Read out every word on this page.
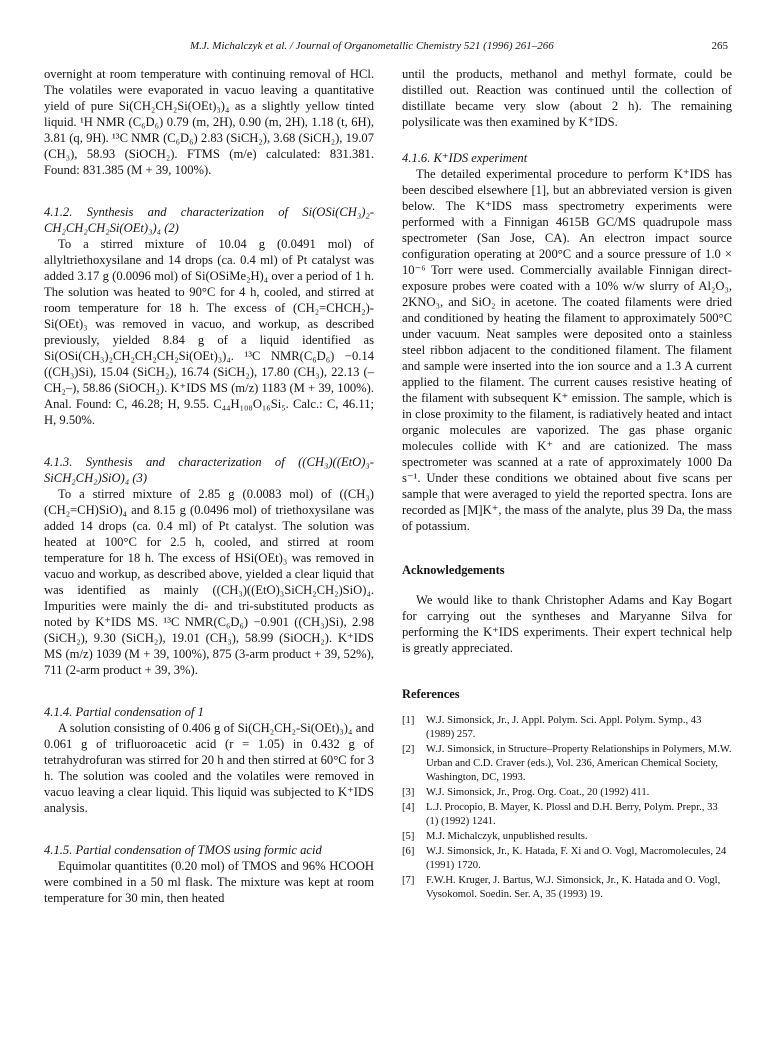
M.J. Michalczyk et al. / Journal of Organometallic Chemistry 521 (1996) 261–266	265

overnight at room temperature with continuing removal of HCl. The volatiles were evaporated in vacuo leaving a quantitative yield of pure Si(CH₂CH₂Si(OEt)₃)₄ as a slightly yellow tinted liquid. ¹H NMR (C₆D₆) 0.79 (m, 2H), 0.90 (m, 2H), 1.18 (t, 6H), 3.81 (q, 9H). ¹³C NMR (C₆D₆) 2.83 (SiCH₂), 3.68 (SiCH₂), 19.07 (CH₃), 58.93 (SiOCH₂). FTMS (m/e) calculated: 831.381. Found: 831.385 (M + 39, 100%).

4.1.2. Synthesis and characterization of Si(OSi(CH₃)₂-CH₂CH₂CH₂Si(OEt)₃)₄ (2)

To a stirred mixture of 10.04 g (0.0491 mol) of allyltriethoxysilane and 14 drops (ca. 0.4 ml) of Pt catalyst was added 3.17 g (0.0096 mol) of Si(OSiMe₂H)₄ over a period of 1 h. The solution was heated to 90°C for 4 h, cooled, and stirred at room temperature for 18 h. The excess of (CH₂=CHCH₂)-Si(OEt)₃ was removed in vacuo, and workup, as described previously, yielded 8.84 g of a liquid identified as Si(OSi(CH₃)₂CH₂CH₂CH₂Si(OEt)₃)₄. ¹³C NMR(C₆D₆) −0.14 ((CH₃)Si), 15.04 (SiCH₂), 16.74 (SiCH₂), 17.80 (CH₃), 22.13 (–CH₂–), 58.86 (SiOCH₂). K⁺IDS MS (m/z) 1183 (M + 39, 100%). Anal. Found: C, 46.28; H, 9.55. C₄₄H₁₀₈O₁₆Si₅. Calc.: C, 46.11; H, 9.50%.

4.1.3. Synthesis and characterization of ((CH₃)((EtO)₃-SiCH₂CH₂)SiO)₄ (3)

To a stirred mixture of 2.85 g (0.0083 mol) of ((CH₃)(CH₂=CH)SiO)₄ and 8.15 g (0.0496 mol) of triethoxysilane was added 14 drops (ca. 0.4 ml) of Pt catalyst. The solution was heated at 100°C for 2.5 h, cooled, and stirred at room temperature for 18 h. The excess of HSi(OEt)₃ was removed in vacuo and workup, as described above, yielded a clear liquid that was identified as mainly ((CH₃)((EtO)₃SiCH₂CH₂)SiO)₄. Impurities were mainly the di- and tri-substituted products as noted by K⁺IDS MS. ¹³C NMR(C₆D₆) −0.901 ((CH₃)Si), 2.98 (SiCH₂), 9.30 (SiCH₂), 19.01 (CH₃), 58.99 (SiOCH₂). K⁺IDS MS (m/z) 1039 (M + 39, 100%), 875 (3-arm product + 39, 52%), 711 (2-arm product + 39, 3%).

4.1.4. Partial condensation of 1

A solution consisting of 0.406 g of Si(CH₂CH₂-Si(OEt)₃)₄ and 0.061 g of trifluoroacetic acid (r = 1.05) in 0.432 g of tetrahydrofuran was stirred for 20 h and then stirred at 60°C for 3 h. The solution was cooled and the volatiles were removed in vacuo leaving a clear liquid. This liquid was subjected to K⁺IDS analysis.

4.1.5. Partial condensation of TMOS using formic acid

Equimolar quantitites (0.20 mol) of TMOS and 96% HCOOH were combined in a 50 ml flask. The mixture was kept at room temperature for 30 min, then heated

until the products, methanol and methyl formate, could be distilled out. Reaction was continued until the collection of distillate became very slow (about 2 h). The remaining polysilicate was then examined by K⁺IDS.

4.1.6. K⁺IDS experiment

The detailed experimental procedure to perform K⁺IDS has been descibed elsewhere [1], but an abbreviated version is given below. The K⁺IDS mass spectrometry experiments were performed with a Finnigan 4615B GC/MS quadrupole mass spectrometer (San Jose, CA). An electron impact source configuration operating at 200°C and a source pressure of 1.0 × 10⁻⁶ Torr were used. Commercially available Finnigan direct-exposure probes were coated with a 10% w/w slurry of Al₂O₃, 2KNO₃, and SiO₂ in acetone. The coated filaments were dried and conditioned by heating the filament to approximately 500°C under vacuum. Neat samples were deposited onto a stainless steel ribbon adjacent to the conditioned filament. The filament and sample were inserted into the ion source and a 1.3 A current applied to the filament. The current causes resistive heating of the filament with subsequent K⁺ emission. The sample, which is in close proximity to the filament, is radiatively heated and intact organic molecules are vaporized. The gas phase organic molecules collide with K⁺ and are cationized. The mass spectrometer was scanned at a rate of approximately 1000 Da s⁻¹. Under these conditions we obtained about five scans per sample that were averaged to yield the reported spectra. Ions are recorded as [M]K⁺, the mass of the analyte, plus 39 Da, the mass of potassium.

Acknowledgements

We would like to thank Christopher Adams and Kay Bogart for carrying out the syntheses and Maryanne Silva for performing the K⁺IDS experiments. Their expert technical help is greatly appreciated.

References

[1] W.J. Simonsick, Jr., J. Appl. Polym. Sci. Appl. Polym. Symp., 43 (1989) 257.
[2] W.J. Simonsick, in Structure–Property Relationships in Polymers, M.W. Urban and C.D. Craver (eds.), Vol. 236, American Chemical Society, Washington, DC, 1993.
[3] W.J. Simonsick, Jr., Prog. Org. Coat., 20 (1992) 411.
[4] L.J. Procopio, B. Mayer, K. Plossl and D.H. Berry, Polym. Prepr., 33 (1) (1992) 1241.
[5] M.J. Michalczyk, unpublished results.
[6] W.J. Simonsick, Jr., K. Hatada, F. Xi and O. Vogl, Macromolecules, 24 (1991) 1720.
[7] F.W.H. Kruger, J. Bartus, W.J. Simonsick, Jr., K. Hatada and O. Vogl, Vysokomol. Soedin. Ser. A, 35 (1993) 19.
